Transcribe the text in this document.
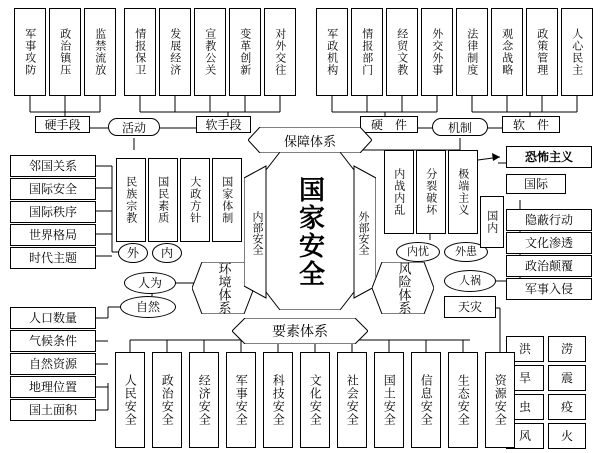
军事攻防 政治镇压 监禁流放 情报保卫 发展经济 宣教公关 变革创新 对外交往	军政机构 情报部门 经贸文教 外交外事 法律制度 观念战略 政策管理 人心民主
硬手段	活动	软手段	硬　件	机制	软　件
保障体系
邻国关系
国际安全
国际秩序
世界格局
时代主题
人口数量
气候条件
自然资源
地理位置
国土面积
外 内
人为
自然	环境体系
民族宗教 国民素质 大政方针 国家体制	国家安全
内部安全	外部安全
内战内乱 分裂破坏 极端主义
内忧 外患
人祸
天灾
风险体系
恐怖主义
国际
隐蔽行动
文化渗透
政治颠覆
军事入侵
国内
洪 涝
旱 震
虫 疫
风 火
要素体系
人民安全 政治安全 经济安全 军事安全 科技安全 文化安全 社会安全 国土安全 信息安全 生态安全 资源安全
